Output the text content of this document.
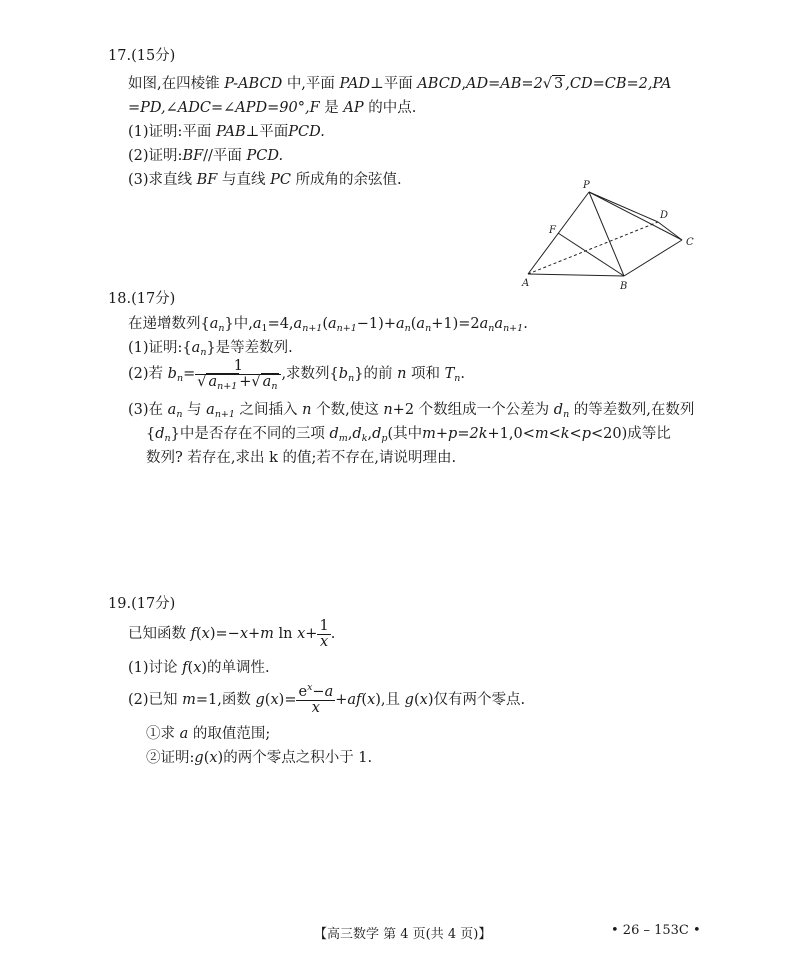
17.(15分)
如图,在四棱锥 P-ABCD 中,平面 PAD⊥平面 ABCD,AD=AB=2√ 3 ,CD=CB=2,PA
=PD,∠ADC=∠APD=90°,F 是 AP 的中点.
(1)证明:平面 PAB⊥平面PCD.
(2)证明:BF//平面 PCD.
(3)求直线 BF 与直线 PC 所成角的余弦值.	P
D
F
C
A	B
18.(17分)
在递增数列$\{a_n\}$中$,a_1=4,a_{n+1}(a_{n+1}-1)+a_n(a_n+1)=2a_na_{n+1}$.
(1)证明$:\{a_n\}$是等差数列.
(2)若 $b_n= \frac{1}{√ a_{n+1} +√ a_n}$ ,求数列$\{b_n\}$的前 n 项和 $T_n$.
(3)在 $a_n$ 与 $a_{n+1}$ 之间插入 n 个数,使这 n+2 个数组成一个公差为 $d_n$ 的等差数列,在数列
$\{d_n\}$中是否存在不同的三项 $d_m,d_k,d_p$(其中m+p=2k+1,0<m<k<p<20)成等比
数列? 若存在,求出 k 的值;若不存在,请说明理由.
19.(17分)
已知函数 f(x)=−x+m $\ln x+ \frac{1}{x}$ .
(1)讨论 f(x)的单调性.
(2)已知 m=1,函数 $g(x)= \frac{e^x-a}{x} +af(x)$,且 g(x)仅有两个零点.
①求 a 的取值范围;
②证明:g(x)的两个零点之积小于 1.
【高三数学 第 4 页(共 4 页)】	• 26 – 153C •
